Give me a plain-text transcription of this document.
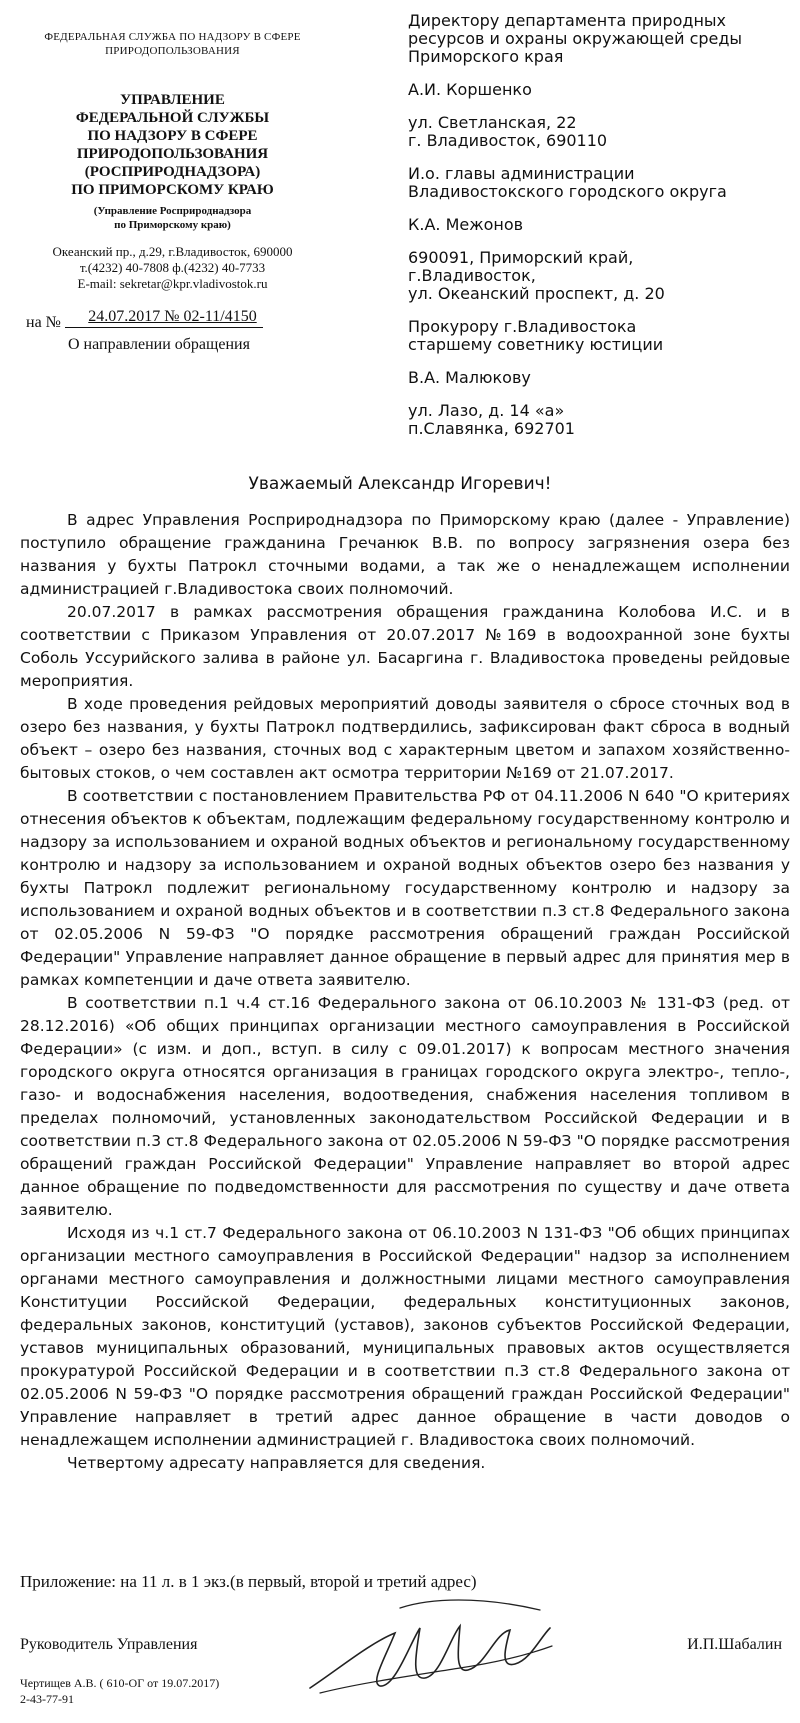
ФЕДЕРАЛЬНАЯ СЛУЖБА ПО НАДЗОРУ В СФЕРЕ
ПРИРОДОПОЛЬЗОВАНИЯ
УПРАВЛЕНИЕ
ФЕДЕРАЛЬНОЙ СЛУЖБЫ
ПО НАДЗОРУ В СФЕРЕ
ПРИРОДОПОЛЬЗОВАНИЯ
(РОСПРИРОДНАДЗОРА)
ПО ПРИМОРСКОМУ КРАЮ
(Управление Росприроднадзора
по Приморскому краю)
Океанский пр., д.29, г.Владивосток, 690000
т.(4232) 40-7808 ф.(4232) 40-7733
E-mail: sekretar@kpr.vladivostok.ru
24.07.2017 № 02-11/4150
на №
О направлении обращения

Директору департамента природных

ресурсов и охраны окружающей среды

Приморского края

А.И. Коршенко

ул. Светланская, 22

г. Владивосток, 690110

И.о. главы администрации

Владивостокского городского округа

К.А. Межонов

690091, Приморский край,

г.Владивосток,

ул. Океанский проспект, д. 20

Прокурору г.Владивостока

старшему советнику юстиции

В.А. Малюкову

ул. Лазо, д. 14 «а»

п.Славянка, 692701

Уважаемый Александр Игоревич!

В адрес Управления Росприроднадзора по Приморскому краю (далее - Управление) поступило обращение гражданина Гречанюк В.В. по вопросу загрязнения озера без названия у бухты Патрокл сточными водами, а так же о ненадлежащем исполнении администрацией г.Владивостока своих полномочий.

20.07.2017 в рамках рассмотрения обращения гражданина Колобова И.С. и в соответствии с Приказом Управления от 20.07.2017 №169 в водоохранной зоне бухты Соболь Уссурийского залива в районе ул. Басаргина г. Владивостока проведены рейдовые мероприятия.

В ходе проведения рейдовых мероприятий доводы заявителя о сбросе сточных вод в озеро без названия, у бухты Патрокл подтвердились, зафиксирован факт сброса в водный объект – озеро без названия, сточных вод с характерным цветом и запахом хозяйственно-бытовых стоков, о чем составлен акт осмотра территории №169 от 21.07.2017.

В соответствии с постановлением Правительства РФ от 04.11.2006 N 640 "О критериях отнесения объектов к объектам, подлежащим федеральному государственному контролю и надзору за использованием и охраной водных объектов и региональному государственному контролю и надзору за использованием и охраной водных объектов озеро без названия у бухты Патрокл подлежит региональному государственному контролю и надзору за использованием и охраной водных объектов и в соответствии п.3 ст.8 Федерального закона от 02.05.2006 N 59-ФЗ "О порядке рассмотрения обращений граждан Российской Федерации" Управление направляет данное обращение в первый адрес для принятия мер в рамках компетенции и даче ответа заявителю.

В соответствии п.1 ч.4 ст.16 Федерального закона от 06.10.2003 № 131-ФЗ (ред. от 28.12.2016) «Об общих принципах организации местного самоуправления в Российской Федерации» (с изм. и доп., вступ. в силу с 09.01.2017) к вопросам местного значения городского округа относятся организация в границах городского округа электро-, тепло-, газо- и водоснабжения населения, водоотведения, снабжения населения топливом в пределах полномочий, установленных законодательством Российской Федерации и в соответствии п.3 ст.8 Федерального закона от 02.05.2006 N 59-ФЗ "О порядке рассмотрения обращений граждан Российской Федерации" Управление направляет во второй адрес данное обращение по подведомственности для рассмотрения по существу и даче ответа заявителю.

Исходя из ч.1 ст.7 Федерального закона от 06.10.2003 N 131-ФЗ "Об общих принципах организации местного самоуправления в Российской Федерации" надзор за исполнением органами местного самоуправления и должностными лицами местного самоуправления Конституции Российской Федерации, федеральных конституционных законов, федеральных законов, конституций (уставов), законов субъектов Российской Федерации, уставов муниципальных образований, муниципальных правовых актов осуществляется прокуратурой Российской Федерации и в соответствии п.3 ст.8 Федерального закона от 02.05.2006 N 59-ФЗ "О порядке рассмотрения обращений граждан Российской Федерации" Управление направляет в третий адрес данное обращение в части доводов о ненадлежащем исполнении администрацией г. Владивостока своих полномочий.

Четвертому адресату направляется для сведения.

Приложение: на 11 л. в 1 экз.(в первый, второй и третий адрес)
Руководитель Управления	И.П.Шабалин
Чертищев А.В. ( 610-ОГ от 19.07.2017)
2-43-77-91
